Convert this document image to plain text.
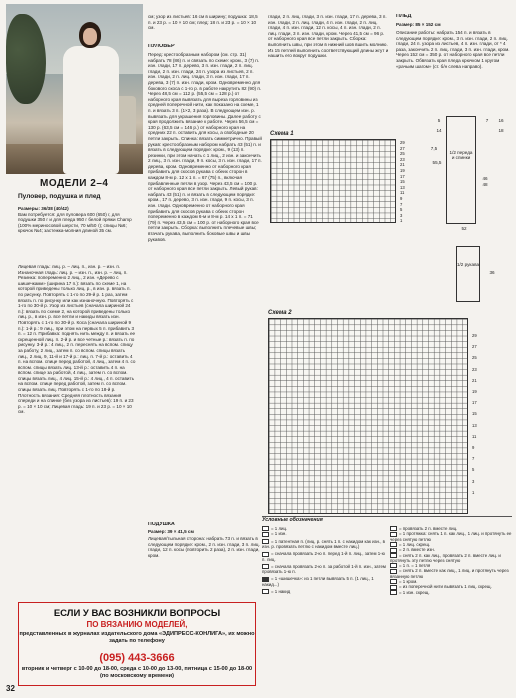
МОДЕЛИ 2–4
Пуловер, подушка и плед
Размеры: 36/38 (40/42)
Вам потребуется: для пуловера 600 (650) г, для подушки 350 г и для пледа 950 г белой пряжи Champ (100% мериносовой шерсти, 70 м/50 г); спицы №6; крючок №4; застежка-молния длиной 35 см.
Лицевая гладь: лиц. р. – лиц. п., изн. р. – изн. п. Изнаночная гладь: лиц. р. – изн. п., изн. р. – лиц. п. Резинка: попеременно 2 лиц., 2 изн. «Дерево с шишечками» (ширина 17 п.): вязать по схеме 1, на которой приведены только лиц. р., в изн. р. вязать п. по рисунку. Повторять с 1-го по 29-й р. 1 раз, затем вязать п. по рисунку или как изнаночную. Повторять с 1-го по 30-й р. Узор из листьев (сначала шириной 24 п.): вязать по схеме 2, на которой приведены только лиц. р., в изн. р. все петли и накиды вязать изн. Повторять с 1-го по 30-й р. Коса (сначала шириной 9 п.): 1-й р.: 9 лиц., при этом на первых 5 п. прибавить 3 п. = 12 п. Прибавка: поднять нить между п. и вязать ее скрещенной лиц. п. 2-й р. и все четные р.: вязать п. по рисунку. 3-й р.: 4 лиц., 2 п. переснять на вспом. спицу за работу, 2 лиц., затем п. со вспом. спицы вязать лиц., 2 лиц. 9, 11-й и 17-й р.: лиц. п. 7-й р.: оставить 4 п. на вспом. спице перед работой, 4 лиц., затем 4 п. со вспом. спицы вязать лиц. 13-й р.: оставить 4 п. на вспом. спице за работой, 4 лиц., затем п. со вспом. спицы вязать лиц., 4 лиц. 15-й р.: 4 лиц., 4 п. оставить на вспом. спице перед работой, затем п. со вспом. спицы вязать лиц. Повторять с 1-го по 18-й р. Плотность вязания: Средняя плотность вязания спереди и на спинке (без узора из листьев): 19 п. и 23 р. = 10 × 10 см; Лицевая гладь: 19 п. и 23 р. = 10 × 10 см.
см; узор из листьев: 16 см в ширину; подушка: 18,5 п. и 23 р. = 10 × 10 см; плед: 18 п. и 23 р. = 10 × 10 см.
ПУЛОВЕР
Перед: крестообразным набором (см. стр. 31) набрать 78 (86) п. и связать по схеме: кром., 3 (7) п. изн. глади, 17 п. дерево, 3 п. изн. глади, 2 п. лиц. глади, 2 п. изн. глади, 24 п. узора из листьев, 2 п. изн. глади, 2 п. лиц. глади, 3 п. изн. глади, 17 п. дерева, 3 (7) п. изн. глади, кром. Одновременно для бокового скоса с 1-го р. в работе накрутить 82 (90) п. Через 48,5 см = 112 р. (55,5 см = 128 р.) от наборного края вывязать для выреза горловины из средней поперечной нити, как показано на схеме, 1 п. и вязать 3 п. (1×2, 3 раза). В следующем изн. р. вывязать для украшения горловины. Далее работу с края продолжить вязание к работе. Через 56,5 см = 130 р. (63,5 см = 146 р.) от наборного края на средних 22 п. оставить для косы, а свободные 20 петли закрыть. Спинка: вязать симметрично. Правый рукав: крестообразным набором набрать 43 (51) п. и вязать в следующем порядке: кром., 9 (13) п. резинки, при этом начать с 1 лиц., 2 изн. и закончить 2 лиц., 3 п. изн. глади, 9 п. косы, 3 п. изн. глади, 17 п. дерева, кром. Одновременно от наборного края прибавить для скосов рукава с обеих сторон в каждом 8-м р. 12 х 1 п. = 67 (75) п., включая прибавленные петли в узор. Через 43,5 см = 100 р. от наборного края все петли закрыть. Левый рукав: набрать 43 (51) п. и вязать в следующем порядке: кром., 17 п. дерево, 3 п. изн. глади, 9 п. косы, 3 п. изн. глади. Одновременно от наборного края прибавить для скосов рукава с обеих сторон попеременно в каждом 6-м и 8-м р. 14 х 1 п. = 71 (79) п. Через 43,5 см = 100 р. от наборного края все петли закрыть. Сборка: выполнить плечевые швы; втачать рукава, выполнить боковые швы и швы рукавов.
ПОДУШКА
Размер: 39 × 41,5 см
Лицевая/тыльная сторона: набрать 73 п. и вязать в следующем порядке: кром., 2 п. изн. глади, 3 п. лиц. глади, 12 п. косы (повторить 2 раза), 2 п. изн. глади, кром.
глади, 2 п. лиц. глади, 3 п. изн. глади, 17 п. дерева, 3 п. изн. глади, 2 п. лиц. глади, 4 п. изн. глади, 2 п. лиц. глади, 4 п. изн. глади, 12 п. косы, 4 п. изн. глади, 2 п. лиц. глади, 3 п. изн. глади, кром. Через 41,5 см = 96 р. от наборного края все петли закрыть. Сборка: выполнить швы, при этом в нижний шов вшить молнию. Из 15 петлей выполнить соответствующий длины жгут и нашить его вокруг подушки.
ПЛЕД
Размер: 85 × 152 см
Описание работы: набрать 154 п. и вязать в следующем порядке: кром., 3 п. изн. глади, 2 п. лиц. глади, 24 п. узора из листьев, 4 п. изн. глади, от * 4 раза, закончить 2 п. лиц. глади, 3 п. изн. глади, кром. Через 152 см = 350 р. от наборного края все петли закрыть. Обвязать края пледа крючком 1 кругом «рачьим шагом» (ст. б/н слева направо).
Схема 1
29
27
25
23
21
19
17
15
13
11
9
7
5
3
1
Схема 2
29
27
25
23
21
19
17
15
13
11
9
7
5
3
1
1/2 переда и спинки
1/2 рукава
7	16
18
5
14
7,5
55,5
46
48
52
36
Условные обозначения
= 1 лиц.
= 1 изн.
= 1 патентная п. (лиц. р. снять 1 п. с накидом как изн., в изн. р. провязать петлю с накидом вместе лиц.)
= сначала провязать 2-ю п. перед 1-й п. лиц., затем 1-ю п. лиц.
= сначала провязать 2-ю п. за работой 1-й п. изн., затем провязать 1-ю п.
= 1 «шишечка»: из 1 петли вывязать 5 п. (1 лиц., 1 накид...)
= 1 накид
= провязать 2 п. вместе лиц.
= 1 протяжка: снять 1 п. как лиц., 1 лиц. и протянуть ее через снятую петлю
= 1 лиц. скрещ.
= 2 п. вместе изн.
= снять 2 п. как лиц., провязать 2 п. вместе лиц. и протянуть эту петлю через снятую
= 1 п. = 1 петля
= снять 2 п. вместе как лиц., 1 лиц. и протянуть через вязанную петлю
= 1 кром.
= из поперечной нити вывязать 1 лиц. скрещ.
= 1 изн. скрещ.
ЕСЛИ У ВАС ВОЗНИКЛИ ВОПРОСЫ
ПО ВЯЗАНИЮ МОДЕЛЕЙ,
представленных в журналах издательского дома «ЭДИПРЕСС-КОНЛИГА», их можно задать по телефону
(095) 443-3666
вторник и четверг с 10-00 до 18-00, среда с 10-00 до 13-00, пятница с 15-00 до 18-00 (по московскому времени)
32
